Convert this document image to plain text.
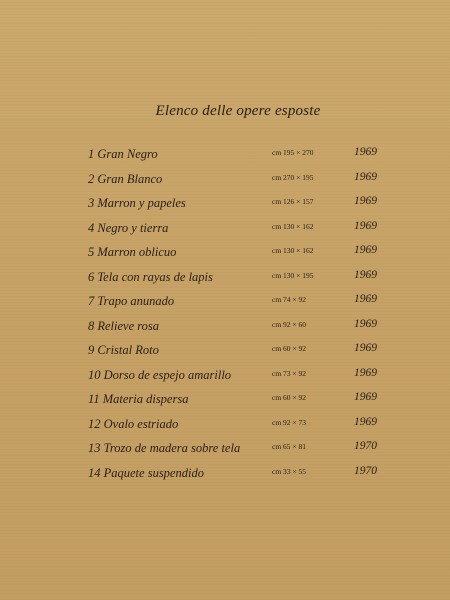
Elenco delle opere esposte
1 Gran Negro	cm 195 × 270	1969
2 Gran Blanco	cm 270 × 195	1969
3 Marron y papeles	cm 126 × 157	1969
4 Negro y tierra	cm 130 × 162	1969
5 Marron oblicuo	cm 130 × 162	1969
6 Tela con rayas de lapis	cm 130 × 195	1969
7 Trapo anunado	cm 74 × 92	1969
8 Relieve rosa	cm 92 × 60	1969
9 Cristal Roto	cm 60 × 92	1969
10 Dorso de espejo amarillo	cm 73 × 92	1969
11 Materia dispersa	cm 60 × 92	1969
12 Ovalo estriado	cm 92 × 73	1969
13 Trozo de madera sobre tela	cm 65 × 81	1970
14 Paquete suspendido	cm 33 × 55	1970
